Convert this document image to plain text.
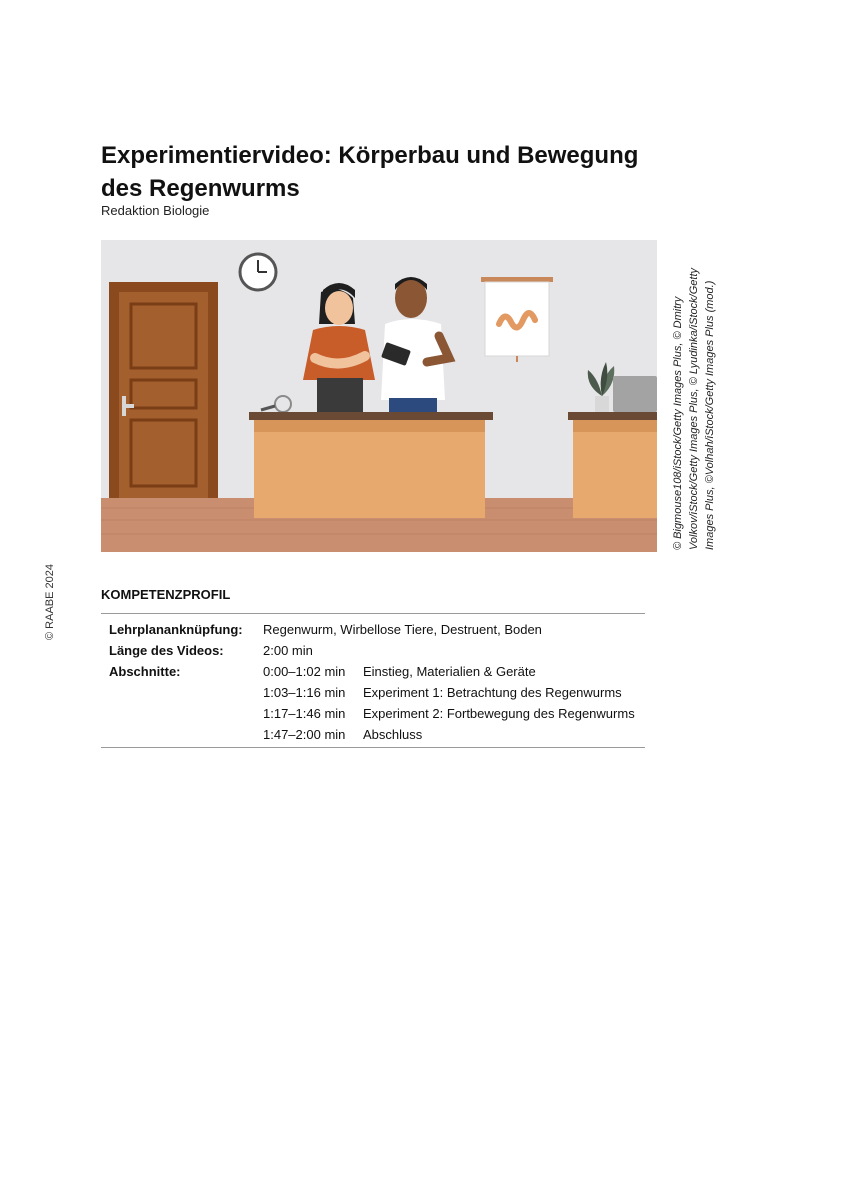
Experimentiervideo: Körperbau und Bewegung des Regenwurms
Redaktion Biologie
© Bigmouse108/iStock/Getty Images Plus, © Dmitry Volkov/iStock/Getty Images Plus, © Lyudinka/iStock/Getty Images Plus, ©Volhah/iStock/Getty Images Plus (mod.)
© RAABE 2024	KOMPETENZPROFIL
Lehrplananknüpfung:	Regenwurm, Wirbellose Tiere, Destruent, Boden
Länge des Videos:	2:00 min
Abschnitte:	0:00–1:02 min	Einstieg, Materialien & Geräte
1:03–1:16 min	Experiment 1: Betrachtung des Regenwurms
1:17–1:46 min	Experiment 2: Fortbewegung des Regenwurms
1:47–2:00 min	Abschluss
